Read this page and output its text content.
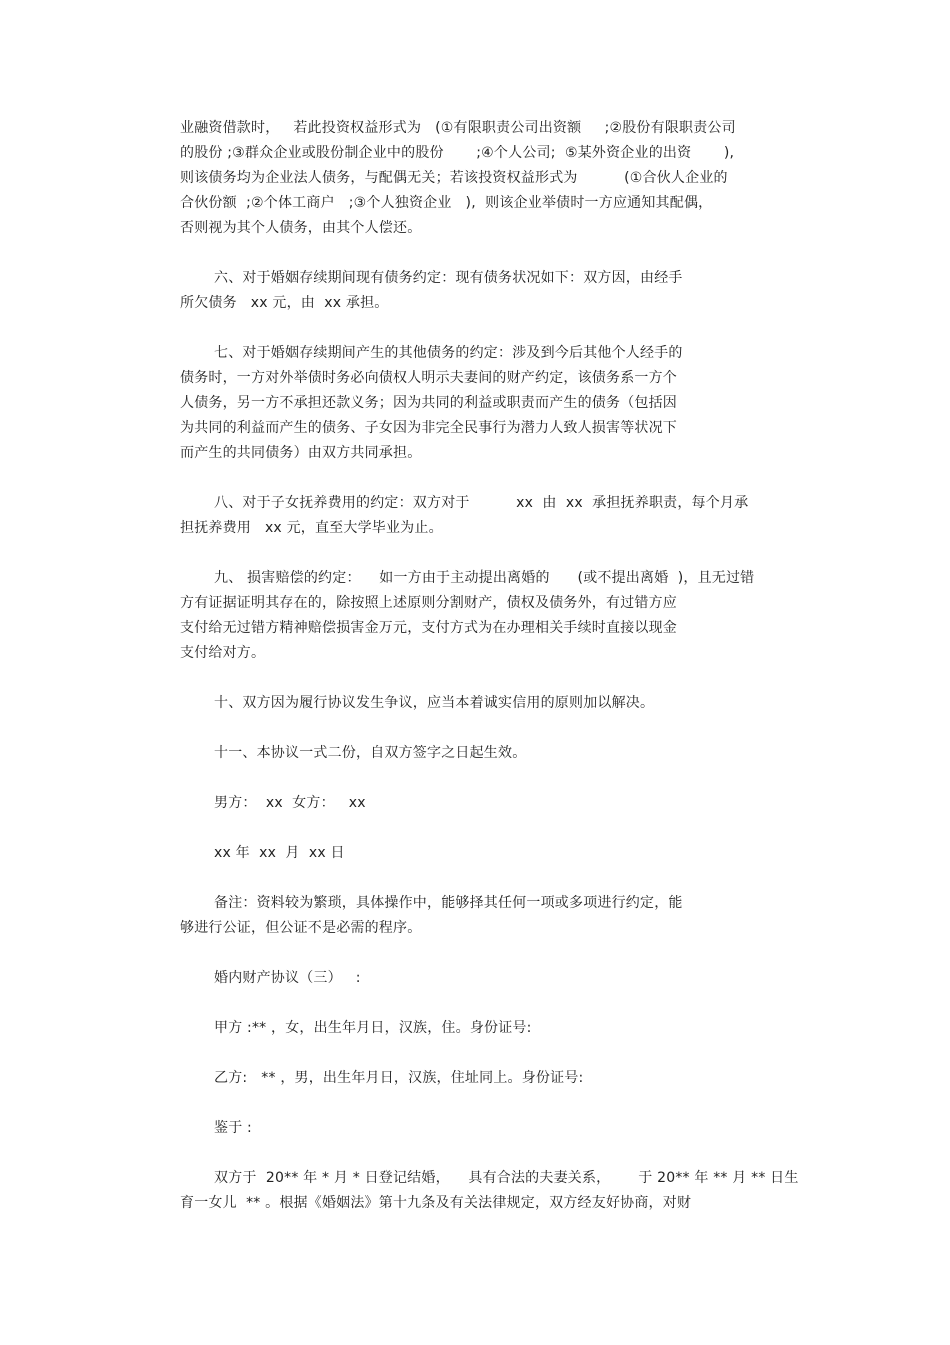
业融资借款时，   若此投资权益形式为   (①有限职责公司出资额     ;②股份有限职责公司
的股份 ;③群众企业或股份制企业中的股份       ;④个人公司;  ⑤某外资企业的出资       ),
则该债务均为企业法人债务，与配偶无关；若该投资权益形式为          (①合伙人企业的
合伙份额  ;②个体工商户   ;③个人独资企业   ),  则该企业举债时一方应通知其配偶，
否则视为其个人债务，由其个人偿还。
六、对于婚姻存续期间现有债务约定：现有债务状况如下：双方因，由经手
所欠债务   xx 元，由  xx 承担。
七、对于婚姻存续期间产生的其他债务的约定：涉及到今后其他个人经手的
债务时，一方对外举债时务必向债权人明示夫妻间的财产约定，该债务系一方个
人债务，另一方不承担还款义务；因为共同的利益或职责而产生的债务（包括因
为共同的利益而产生的债务、子女因为非完全民事行为潜力人致人损害等状况下
而产生的共同债务）由双方共同承担。
八、对于子女抚养费用的约定：双方对于          xx  由  xx  承担抚养职责，每个月承
担抚养费用   xx 元，直至大学毕业为止。
九、 损害赔偿的约定：    如一方由于主动提出离婚的      (或不提出离婚  )，且无过错
方有证据证明其存在的，除按照上述原则分割财产，债权及债务外，有过错方应
支付给无过错方精神赔偿损害金万元，支付方式为在办理相关手续时直接以现金
支付给对方。
十、双方因为履行协议发生争议，应当本着诚实信用的原则加以解决。
十一、本协议一式二份，自双方签字之日起生效。
男方：  xx  女方：   xx
xx 年  xx  月  xx 日
备注：资料较为繁琐，具体操作中，能够择其任何一项或多项进行约定，能
够进行公证，但公证不是必需的程序。
婚内财产协议（三）   :
甲方 :** ，女，出生年月日，汉族，住。身份证号:
乙方:   ** ，男，出生年月日，汉族，住址同上。身份证号:
鉴于 :
双方于  20** 年 * 月 * 日登记结婚，    具有合法的夫妻关系，      于 20** 年 ** 月 ** 日生
育一女儿  ** 。根据《婚姻法》第十九条及有关法律规定，双方经友好协商，对财
